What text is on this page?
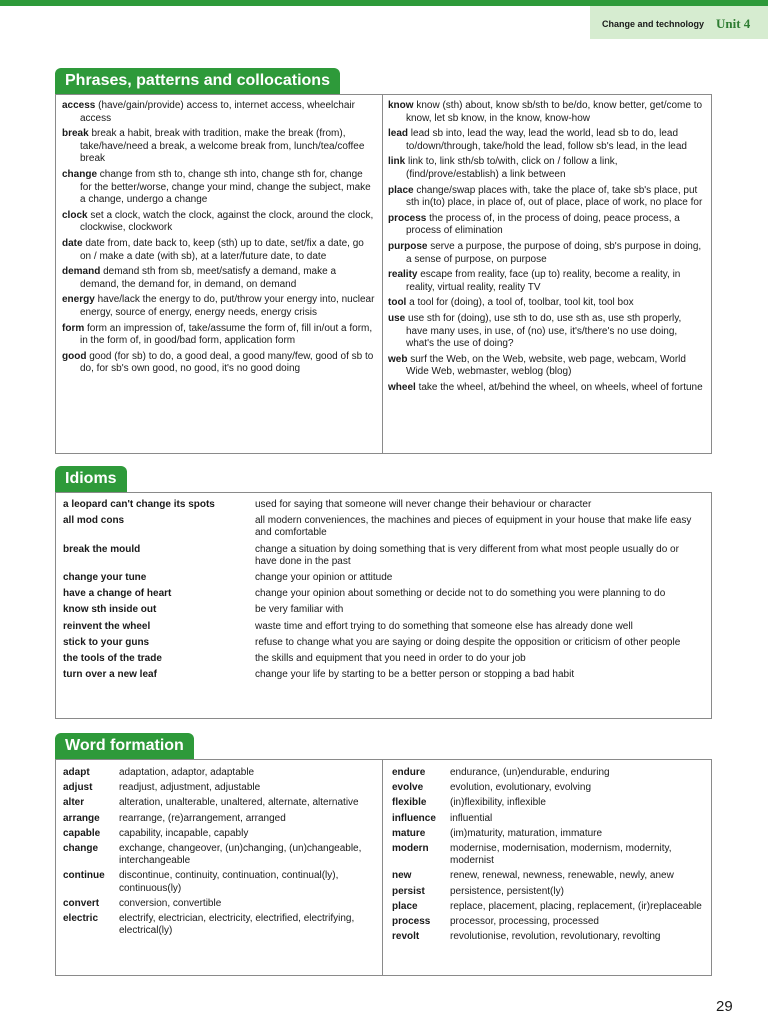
Change and technology Unit 4
Phrases, patterns and collocations
access (have/gain/provide) access to, internet access, wheelchair access
break break a habit, break with tradition, make the break (from), take/have/need a break, a welcome break from, lunch/tea/coffee break
change change from sth to, change sth into, change sth for, change for the better/worse, change your mind, change the subject, make a change, undergo a change
clock set a clock, watch the clock, against the clock, around the clock, clockwise, clockwork
date date from, date back to, keep (sth) up to date, set/fix a date, go on / make a date (with sb), at a later/future date, to date
demand demand sth from sb, meet/satisfy a demand, make a demand, the demand for, in demand, on demand
energy have/lack the energy to do, put/throw your energy into, nuclear energy, source of energy, energy needs, energy crisis
form form an impression of, take/assume the form of, fill in/out a form, in the form of, in good/bad form, application form
good good (for sb) to do, a good deal, a good many/few, good of sb to do, for sb's own good, no good, it's no good doing
know know (sth) about, know sb/sth to be/do, know better, get/come to know, let sb know, in the know, know-how
lead lead sb into, lead the way, lead the world, lead sb to do, lead to/down/through, take/hold the lead, follow sb's lead, in the lead
link link to, link sth/sb to/with, click on / follow a link, (find/prove/establish) a link between
place change/swap places with, take the place of, take sb's place, put sth in(to) place, in place of, out of place, place of work, no place for
process the process of, in the process of doing, peace process, a process of elimination
purpose serve a purpose, the purpose of doing, sb's purpose in doing, a sense of purpose, on purpose
reality escape from reality, face (up to) reality, become a reality, in reality, virtual reality, reality TV
tool a tool for (doing), a tool of, toolbar, tool kit, tool box
use use sth for (doing), use sth to do, use sth as, use sth properly, have many uses, in use, of (no) use, it's/there's no use doing, what's the use of doing?
web surf the Web, on the Web, website, web page, webcam, World Wide Web, webmaster, weblog (blog)
wheel take the wheel, at/behind the wheel, on wheels, wheel of fortune
Idioms
a leopard can't change its spots	used for saying that someone will never change their behaviour or character
all mod cons	all modern conveniences, the machines and pieces of equipment in your house that make life easy and comfortable
break the mould	change a situation by doing something that is very different from what most people usually do or have done in the past
change your tune	change your opinion or attitude
have a change of heart	change your opinion about something or decide not to do something you were planning to do
know sth inside out	be very familiar with
reinvent the wheel	waste time and effort trying to do something that someone else has already done well
stick to your guns	refuse to change what you are saying or doing despite the opposition or criticism of other people
the tools of the trade	the skills and equipment that you need in order to do your job
turn over a new leaf	change your life by starting to be a better person or stopping a bad habit
Word formation
adapt	adaptation, adaptor, adaptable
adjust	readjust, adjustment, adjustable
alter	alteration, unalterable, unaltered, alternate, alternative
arrange	rearrange, (re)arrangement, arranged
capable	capability, incapable, capably
change	exchange, changeover, (un)changing, (un)changeable, interchangeable
continue	discontinue, continuity, continuation, continual(ly), continuous(ly)
convert	conversion, convertible
electric	electrify, electrician, electricity, electrified, electrifying, electrical(ly)
endure	endurance, (un)endurable, enduring
evolve	evolution, evolutionary, evolving
flexible	(in)flexibility, inflexible
influence	influential
mature	(im)maturity, maturation, immature
modern	modernise, modernisation, modernism, modernity, modernist
new	renew, renewal, newness, renewable, newly, anew
persist	persistence, persistent(ly)
place	replace, placement, placing, replacement, (ir)replaceable
process	processor, processing, processed
revolt	revolutionise, revolution, revolutionary, revolting
29
